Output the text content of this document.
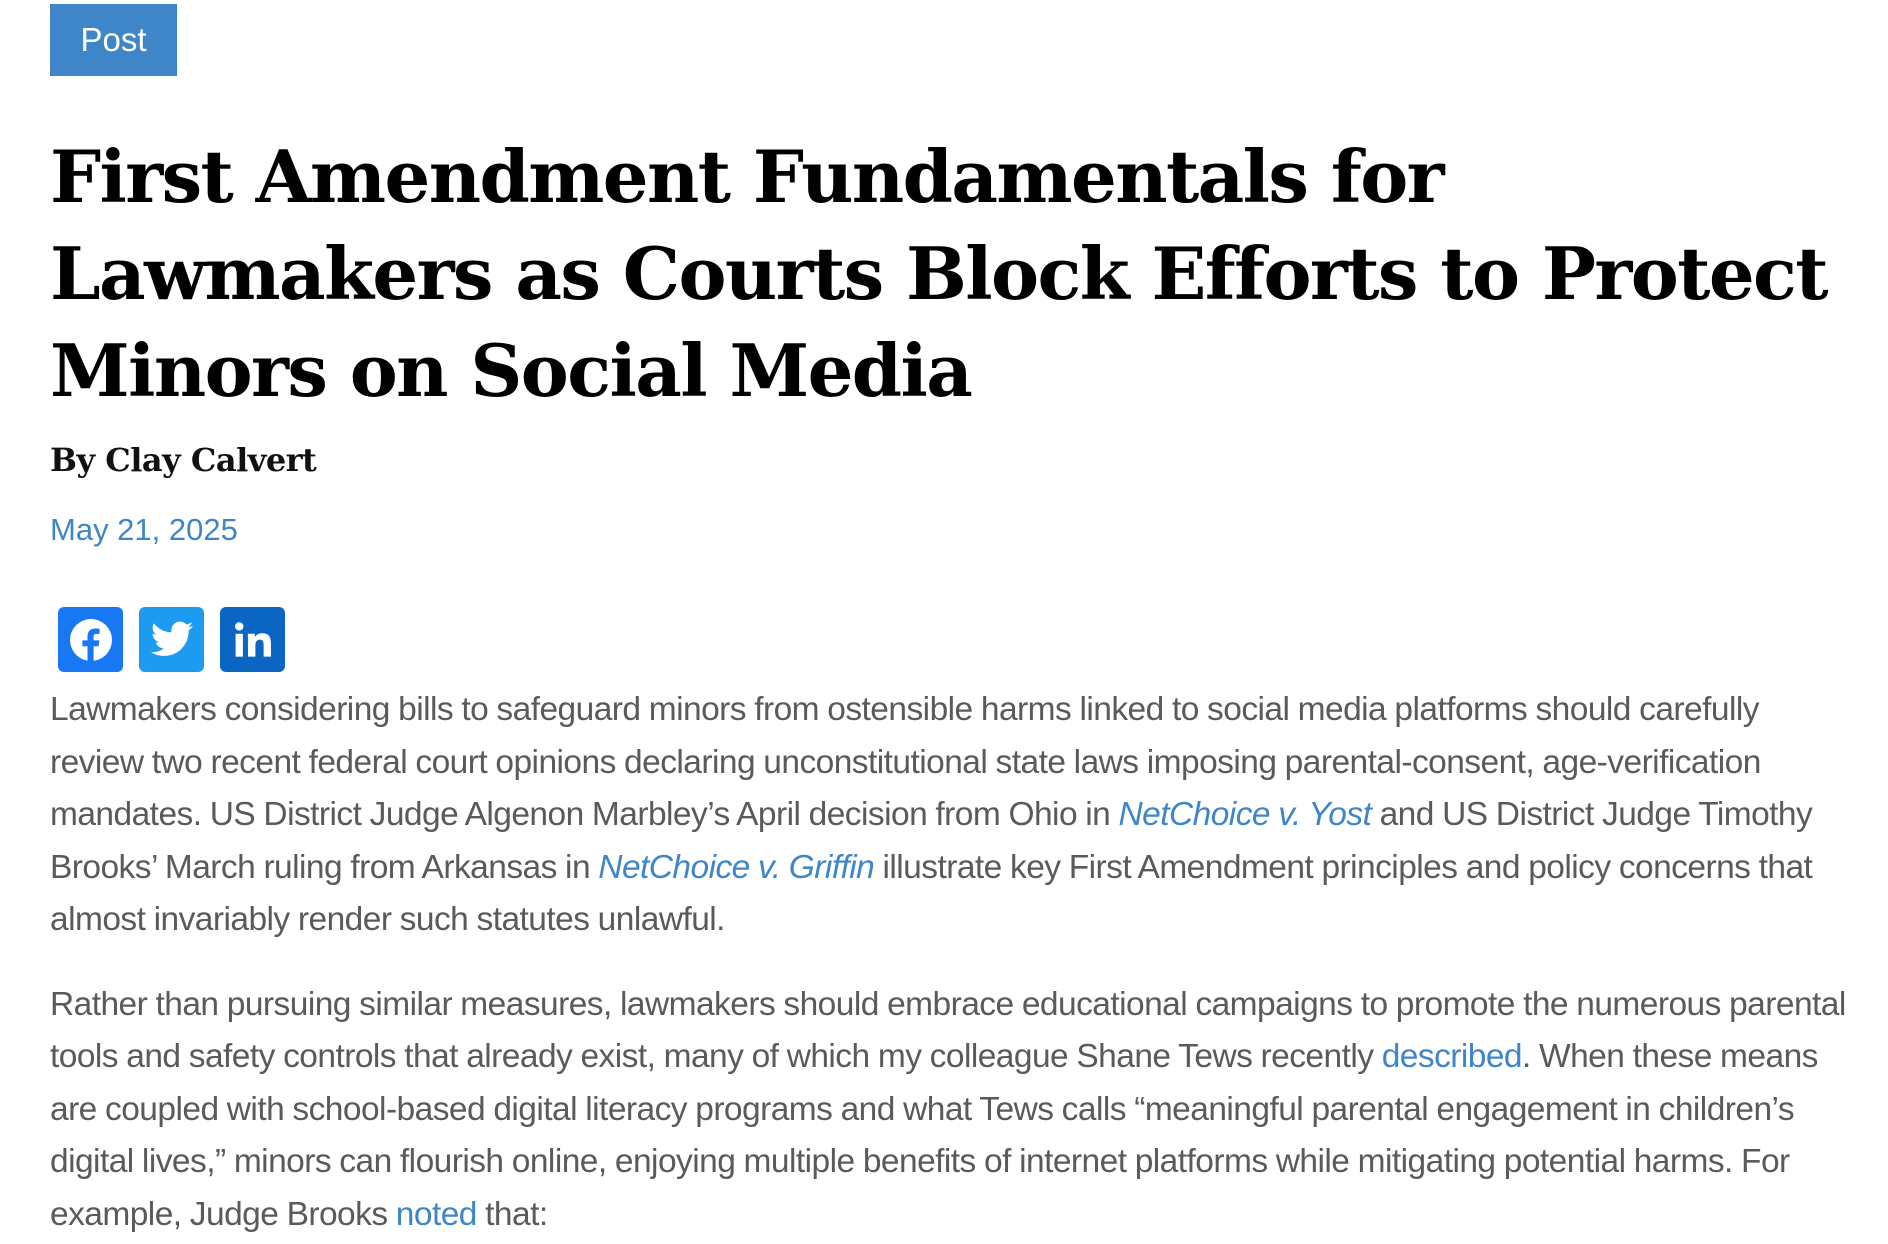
Post
First Amendment Fundamentals for Lawmakers as Courts Block Efforts to Protect Minors on Social Media
By Clay Calvert
May 21, 2025

Lawmakers considering bills to safeguard minors from ostensible harms linked to social media platforms should carefully review two recent federal court opinions declaring unconstitutional state laws imposing parental-consent, age-verification mandates. US District Judge Algenon Marbley’s April decision from Ohio in NetChoice v. Yost and US District Judge Timothy Brooks’ March ruling from Arkansas in NetChoice v. Griffin illustrate key First Amendment principles and policy concerns that almost invariably render such statutes unlawful.

Rather than pursuing similar measures, lawmakers should embrace educational campaigns to promote the numerous parental tools and safety controls that already exist, many of which my colleague Shane Tews recently described. When these means are coupled with school-based digital literacy programs and what Tews calls “meaningful parental engagement in children’s digital lives,” minors can flourish online, enjoying multiple benefits of internet platforms while mitigating potential harms. For example, Judge Brooks noted that:
